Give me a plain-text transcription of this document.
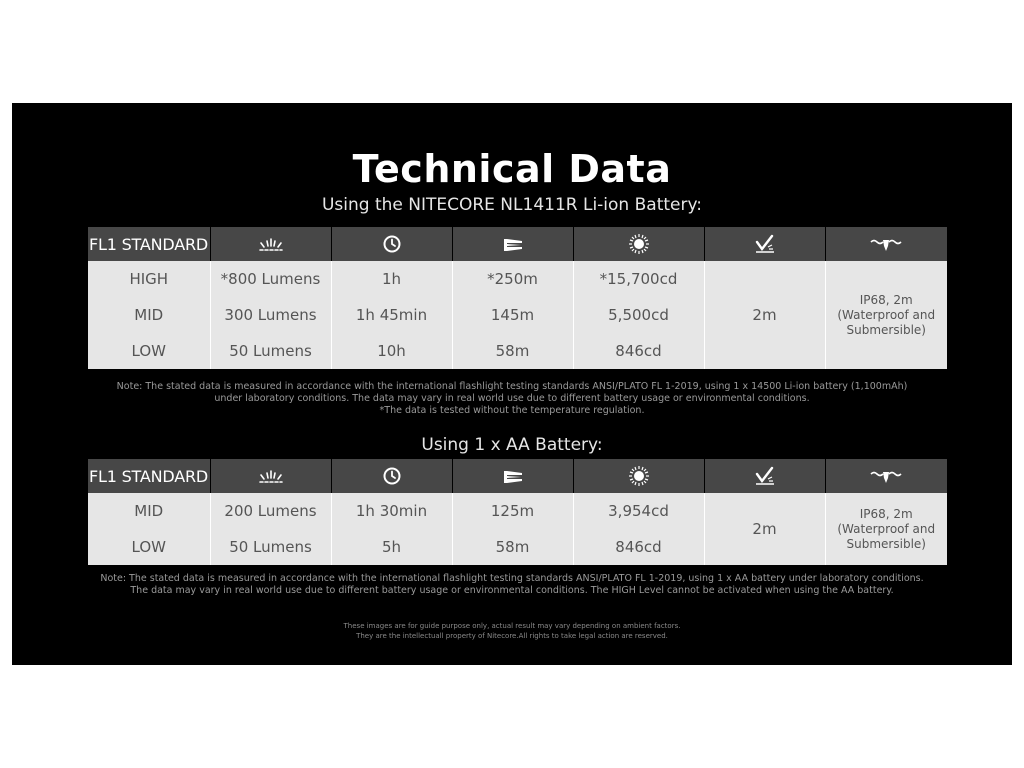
Technical Data
Using the NITECORE NL1411R Li-ion Battery:
FL1 STANDARD						
HIGH	*800 Lumens	1h	*250m	*15,700cd	2m	IP68, 2m
(Waterproof and
Submersible)

MID	300 Lumens	1h 45min	145m	5,500cd		
LOW	50 Lumens	10h	58m	846cd		
Note: The stated data is measured in accordance with the international flashlight testing standards ANSI/PLATO FL 1-2019, using 1 x 14500 Li-ion battery (1,100mAh)
under laboratory conditions. The data may vary in real world use due to different battery usage or environmental conditions.
*The data is tested without the temperature regulation.
Using 1 x AA Battery:
FL1 STANDARD						
MID	200 Lumens	1h 30min	125m	3,954cd	2m	IP68, 2m
(Waterproof and
Submersible)

LOW	50 Lumens	5h	58m	846cd		
Note: The stated data is measured in accordance with the international flashlight testing standards ANSI/PLATO FL 1-2019, using 1 x AA battery under laboratory conditions.
The data may vary in real world use due to different battery usage or environmental conditions. The HIGH Level cannot be activated when using the AA battery.
These images are for guide purpose only, actual result may vary depending on ambient factors.
They are the intellectuall property of Nitecore.All rights to take legal action are reserved.
